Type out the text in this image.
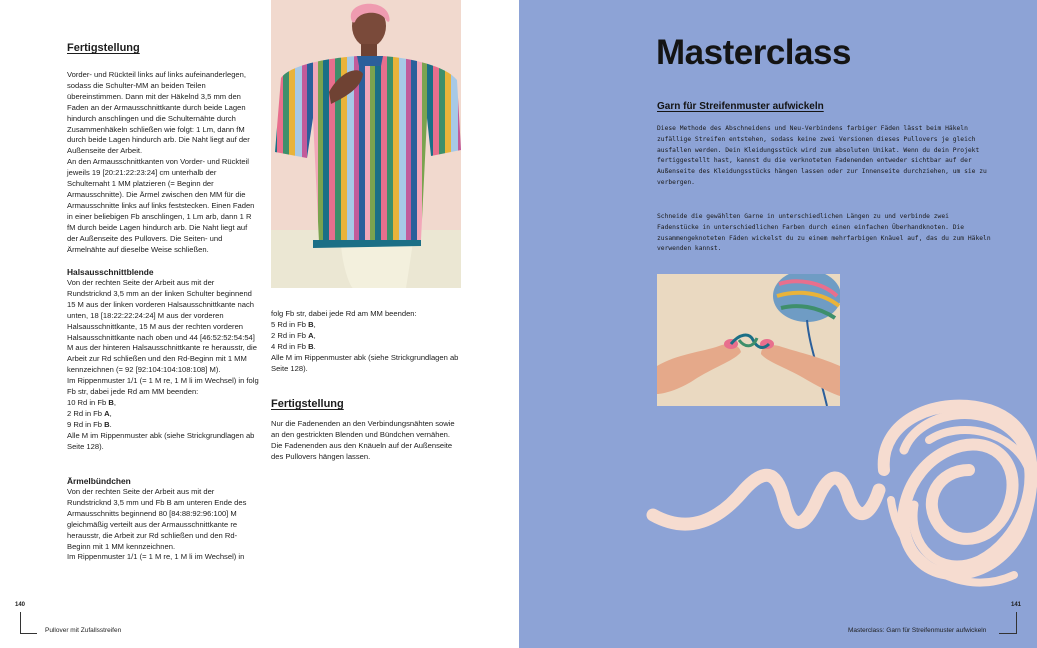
Fertigstellung

Vorder- und Rückteil links auf links aufeinanderlegen, sodass die Schulter-MM an beiden Teilen übereinstimmen. Dann mit der Häkelnd 3,5 mm den Faden an der Armausschnittkante durch beide Lagen hindurch anschlingen und die Schulternähte durch Zusammenhäkeln schließen wie folgt: 1 Lm, dann fM durch beide Lagen hindurch arb. Die Naht liegt auf der Außenseite der Arbeit.

An den Armausschnittkanten von Vorder- und Rückteil jeweils 19 [20:21:22:23:24] cm unterhalb der Schulternaht 1 MM platzieren (= Beginn der Armausschnitte). Die Ärmel zwischen den MM für die Armausschnitte links auf links feststecken. Einen Faden in einer beliebigen Fb anschlingen, 1 Lm arb, dann 1 R fM durch beide Lagen hindurch arb. Die Naht liegt auf der Außenseite des Pullovers. Die Seiten- und Ärmelnähte auf dieselbe Weise schließen.

Halsausschnittblende

Von der rechten Seite der Arbeit aus mit der Rundstricknd 3,5 mm an der linken Schulter beginnend 15 M aus der linken vorderen Halsausschnittkante nach unten, 18 [18:22:22:24:24] M aus der vorderen Halsausschnittkante, 15 M aus der rechten vorderen Halsausschnittkante nach oben und 44 [46:52:52:54:54] M aus der hinteren Halsausschnittkante re herausstr, die Arbeit zur Rd schließen und den Rd-Beginn mit 1 MM kennzeichnen (= 92 [92:104:104:108:108] M).

Im Rippenmuster 1/1 (= 1 M re, 1 M li im Wechsel) in folg Fb str, dabei jede Rd am MM beenden:

10 Rd in Fb B,

2 Rd in Fb A,

9 Rd in Fb B.

Alle M im Rippenmuster abk (siehe Strickgrundlagen ab Seite 128).

Ärmelbündchen

Von der rechten Seite der Arbeit aus mit der Rundstricknd 3,5 mm und Fb B am unteren Ende des Armausschnitts beginnend 80 [84:88:92:96:100] M gleichmäßig verteilt aus der Armausschnittkante re herausstr, die Arbeit zur Rd schließen und den Rd-Beginn mit 1 MM kennzeichnen.

Im Rippenmuster 1/1 (= 1 M re, 1 M li im Wechsel) in

folg Fb str, dabei jede Rd am MM beenden:

5 Rd in Fb B,

2 Rd in Fb A,

4 Rd in Fb B.

Alle M im Rippenmuster abk (siehe Strickgrundlagen ab Seite 128).

Fertigstellung

Nur die Fadenenden an den Verbindungsnähten sowie an den gestrickten Blenden und Bündchen vernähen. Die Fadenenden aus den Knäueln auf der Außenseite des Pullovers hängen lassen.

140
Pullover mit Zufallsstreifen
Masterclass
Garn für Streifenmuster aufwickeln

Diese Methode des Abschneidens und Neu-Verbindens farbiger Fäden lässt beim Häkeln zufällige Streifen entstehen, sodass keine zwei Versionen dieses Pullovers je gleich ausfallen werden. Dein Kleidungsstück wird zum absoluten Unikat. Wenn du dein Projekt fertiggestellt hast, kannst du die verknoteten Fadenenden entweder sichtbar auf der Außenseite des Kleidungsstücks hängen lassen oder zur Innenseite durchziehen, um sie zu verbergen.

Schneide die gewählten Garne in unterschiedlichen Längen zu und verbinde zwei Fadenstücke in unterschiedlichen Farben durch einen einfachen Überhandknoten. Die zusammengeknoteten Fäden wickelst du zu einem mehrfarbigen Knäuel auf, das du zum Häkeln verwenden kannst.

141
Masterclass: Garn für Streifenmuster aufwickeln
